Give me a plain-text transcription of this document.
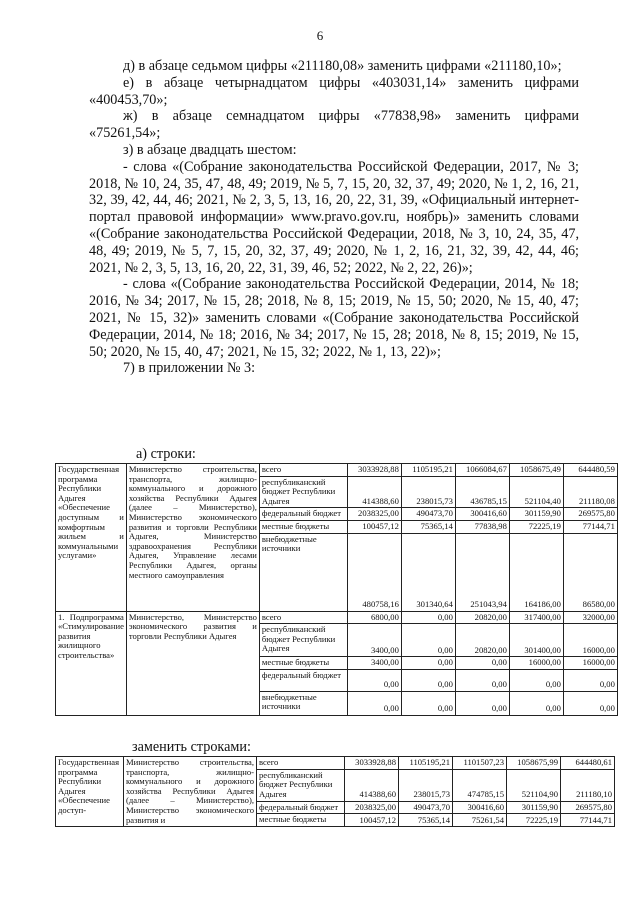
6

д) в абзаце седьмом цифры «211180,08» заменить цифрами «211180,10»;

е) в абзаце четырнадцатом цифры «403031,14» заменить цифрами «400453,70»;

ж) в абзаце семнадцатом цифры «77838,98» заменить цифрами «75261,54»;

з) в абзаце двадцать шестом:

- слова «(Собрание законодательства Российской Федерации, 2017, № 3; 2018, № 10, 24, 35, 47, 48, 49; 2019, № 5, 7, 15, 20, 32, 37, 49; 2020, № 1, 2, 16, 21, 32, 39, 42, 44, 46; 2021, № 2, 3, 5, 13, 16, 20, 22, 31, 39, «Официальный интернет-портал правовой информации» www.pravo.gov.ru, ноябрь)» заменить словами «(Собрание законодательства Российской Федерации, 2018, № 3, 10, 24, 35, 47, 48, 49; 2019, № 5, 7, 15, 20, 32, 37, 49; 2020, № 1, 2, 16, 21, 32, 39, 42, 44, 46; 2021, № 2, 3, 5, 13, 16, 20, 22, 31, 39, 46, 52; 2022, № 2, 22, 26)»;

- слова «(Собрание законодательства Российской Федерации, 2014, № 18; 2016, № 34; 2017, № 15, 28; 2018, № 8, 15; 2019, № 15, 50; 2020, № 15, 40, 47; 2021, № 15, 32)» заменить словами «(Собрание законодательства Российской Федерации, 2014, № 18; 2016, № 34; 2017, № 15, 28; 2018, № 8, 15; 2019, № 15, 50; 2020, № 15, 40, 47; 2021, № 15, 32; 2022, № 1, 13, 22)»;

7) в приложении № 3:

а) строки:
Государственная программа Республики Адыгея «Обеспечение доступным и комфортным жильем и коммунальными услугами»	Министерство строительства, транспорта, жилищно-коммунального и дорожного хозяйства Республики Адыгея (далее – Министерство), Министерство экономического развития и торговли Республики Адыгея, Министерство здравоохранения Республики Адыгея, Управление лесами Республики Адыгея, органы местного самоуправления	всего	3033928,88	1105195,21	1066084,67	1058675,49	644480,59
		республиканский бюджет Республики Адыгея	414388,60	238015,73	436785,15	521104,40	211180,08
		федеральный бюджет	2038325,00	490473,70	300416,60	301159,90	269575,80
		местные бюджеты	100457,12	75365,14	77838,98	72225,19	77144,71
		внебюджетные источники	480758,16	301340,64	251043,94	164186,00	86580,00
1. Подпрограмма «Стимулирование развития жилищного строительства»	Министерство, Министерство экономического развития и торговли Республики Адыгея	всего	6800,00	0,00	20820,00	317400,00	32000,00
		республиканский бюджет Республики Адыгея	3400,00	0,00	20820,00	301400,00	16000,00
		местные бюджеты	3400,00	0,00	0,00	16000,00	16000,00
		федеральный бюджет	0,00	0,00	0,00	0,00	0,00
		внебюджетные источники	0,00	0,00	0,00	0,00	0,00
заменить строками:
Государственная программа Республики Адыгея «Обеспечение доступ-	Министерство строительства, транспорта, жилищно-коммунального и дорожного хозяйства Республики Адыгея (далее – Министерство), Министерство экономического развития и	всего	3033928,88	1105195,21	1101507,23	1058675,99	644480,61
		республиканский бюджет Республики Адыгея	414388,60	238015,73	474785,15	521104,90	211180,10
		федеральный бюджет	2038325,00	490473,70	300416,60	301159,90	269575,80
		местные бюджеты	100457,12	75365,14	75261,54	72225,19	77144,71
